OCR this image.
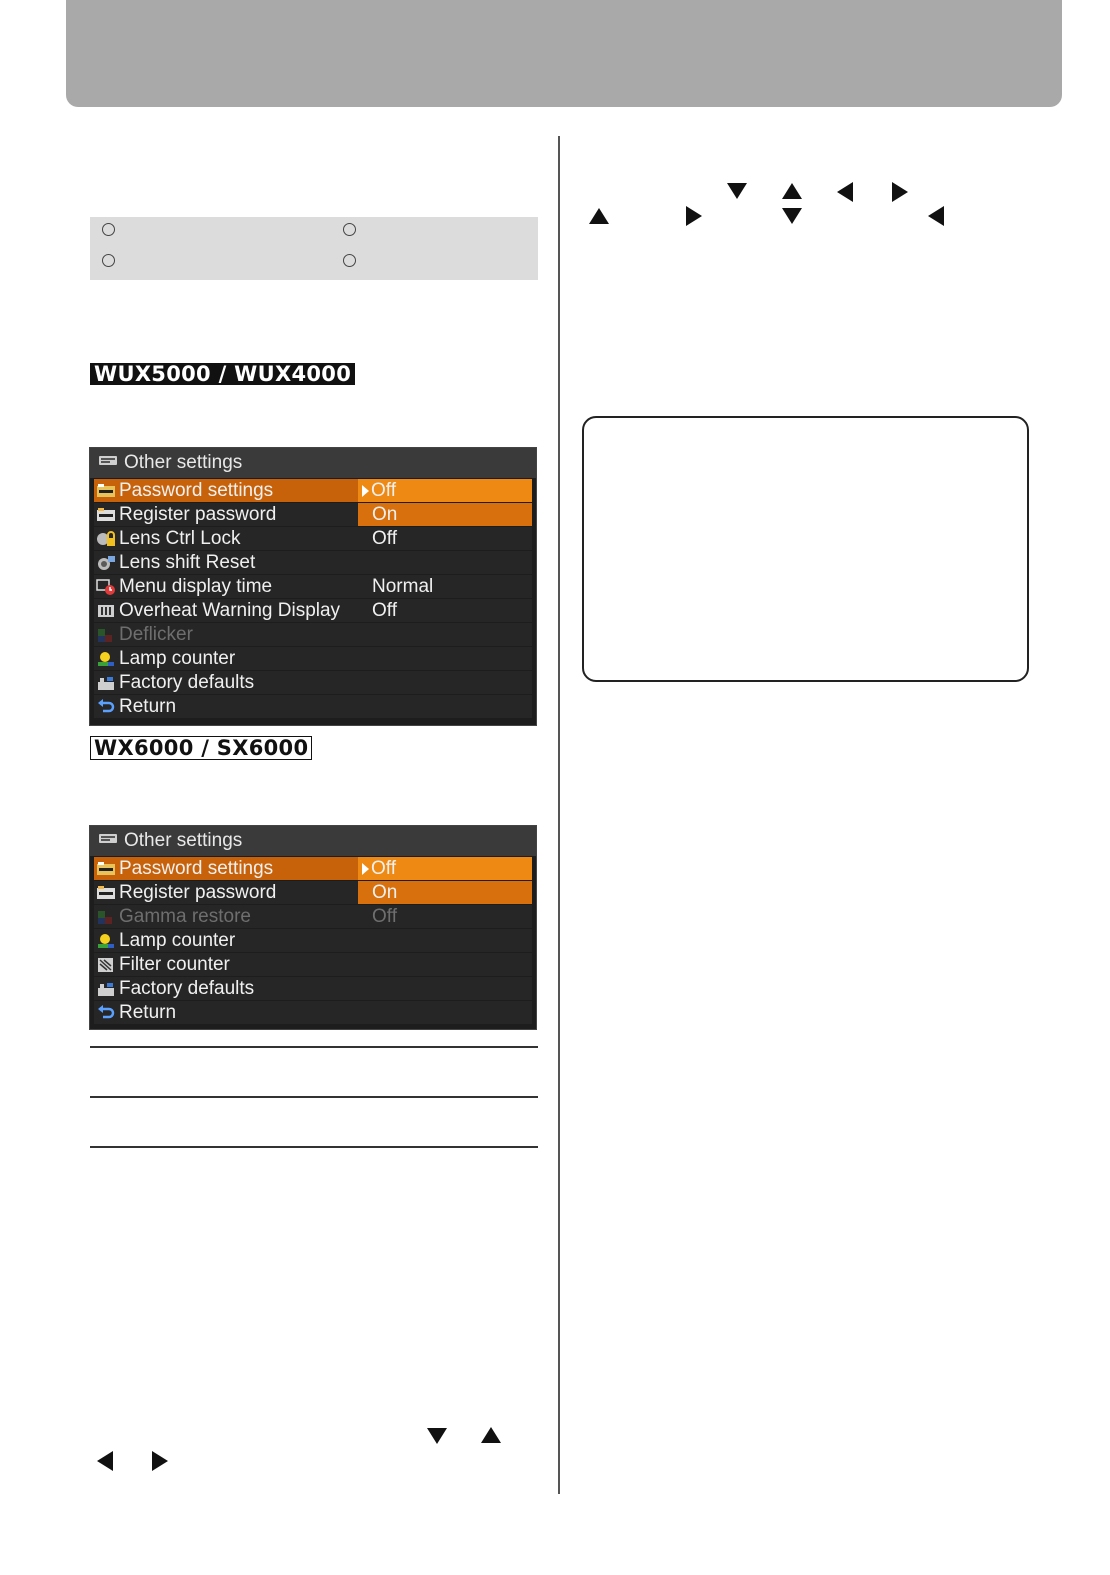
WUX5000 / WUX4000
Other settings
Password settings	Off
Register password	On
Lens Ctrl Lock	Off
Lens shift Reset
Menu display time	Normal
Overheat Warning Display	Off
Deflicker
Lamp counter
Factory defaults
Return
WX6000 / SX6000
Other settings
Password settings	Off
Register password	On
Gamma restore	Off
Lamp counter
Filter counter
Factory defaults
Return
